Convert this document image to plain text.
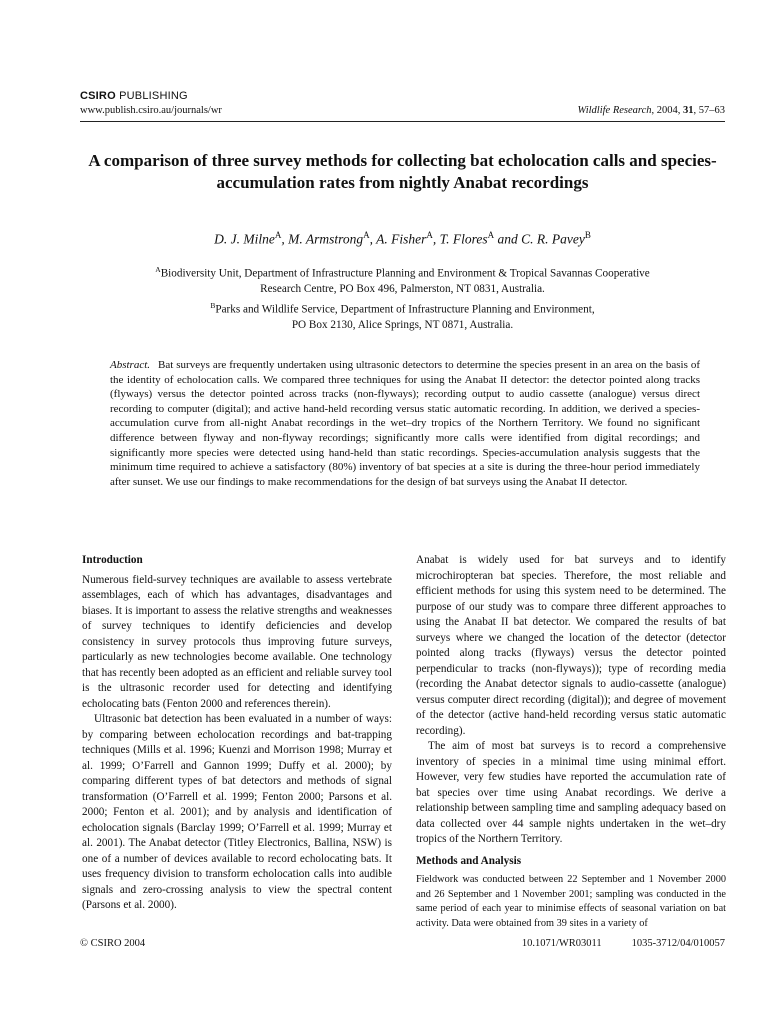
CSIRO PUBLISHING
www.publish.csiro.au/journals/wr	Wildlife Research, 2004, 31, 57–63
A comparison of three survey methods for collecting bat echolocation calls and species-accumulation rates from nightly Anabat recordings
D. J. Milne$^A$, M. Armstrong$^A$, A. Fisher$^A$, T. Flores$^A$ and C. R. Pavey$^B$
$^A$Biodiversity Unit, Department of Infrastructure Planning and Environment & Tropical Savannas Cooperative
Research Centre, PO Box 496, Palmerston, NT 0831, Australia.
$^B$Parks and Wildlife Service, Department of Infrastructure Planning and Environment,
PO Box 2130, Alice Springs, NT 0871, Australia.
Abstract. Bat surveys are frequently undertaken using ultrasonic detectors to determine the species present in an area on the basis of the identity of echolocation calls. We compared three techniques for using the Anabat II detector: the detector pointed along tracks (flyways) versus the detector pointed across tracks (non-flyways); recording output to audio cassette (analogue) versus direct recording to computer (digital); and active hand-held recording versus static automatic recording. In addition, we derived a species-accumulation curve from all-night Anabat recordings in the wet–dry tropics of the Northern Territory. We found no significant difference between flyway and non-flyway recordings; significantly more calls were identified from digital recordings; and significantly more species were detected using hand-held than static recordings. Species-accumulation analysis suggests that the minimum time required to achieve a satisfactory (80%) inventory of bat species at a site is during the three-hour period immediately after sunset. We use our findings to make recommendations for the design of bat surveys using the Anabat II detector.
Introduction

Numerous field-survey techniques are available to assess vertebrate assemblages, each of which has advantages, disadvantages and biases. It is important to assess the relative strengths and weaknesses of survey techniques to identify deficiencies and develop consistency in survey protocols thus improving future surveys, particularly as new technologies become available. One technology that has recently been adopted as an efficient and reliable survey tool is the ultrasonic recorder used for detecting and identifying echolocating bats (Fenton 2000 and references therein).

Ultrasonic bat detection has been evaluated in a number of ways: by comparing between echolocation recordings and bat-trapping techniques (Mills et al. 1996; Kuenzi and Morrison 1998; Murray et al. 1999; O’Farrell and Gannon 1999; Duffy et al. 2000); by comparing different types of bat detectors and methods of signal transformation (O’Farrell et al. 1999; Fenton 2000; Parsons et al. 2000; Fenton et al. 2001); and by analysis and identification of echolocation signals (Barclay 1999; O’Farrell et al. 1999; Murray et al. 2001). The Anabat detector (Titley Electronics, Ballina, NSW) is one of a number of devices available to record echolocating bats. It uses frequency division to transform echolocation calls into audible signals and zero-crossing analysis to view the spectral content (Parsons et al. 2000).

Anabat is widely used for bat surveys and to identify microchiropteran bat species. Therefore, the most reliable and efficient methods for using this system need to be determined. The purpose of our study was to compare three different approaches to using the Anabat II bat detector. We compared the results of bat surveys where we changed the location of the detector (detector pointed along tracks (flyways) versus the detector pointed perpendicular to tracks (non-flyways)); type of recording media (recording the Anabat detector signals to audio-cassette (analogue) versus computer direct recording (digital)); and degree of movement of the detector (active hand-held recording versus static automatic recording).

The aim of most bat surveys is to record a comprehensive inventory of species in a minimal time using minimal effort. However, very few studies have reported the accumulation rate of bat species over time using Anabat recordings. We derive a relationship between sampling time and sampling adequacy based on data collected over 44 sample nights undertaken in the wet–dry tropics of the Northern Territory.

Methods and Analysis

Fieldwork was conducted between 22 September and 1 November 2000 and 26 September and 1 November 2001; sampling was conducted in the same period of each year to minimise effects of seasonal variation on bat activity. Data were obtained from 39 sites in a variety of

© CSIRO 2004	10.1071/WR03011	1035-3712/04/010057
